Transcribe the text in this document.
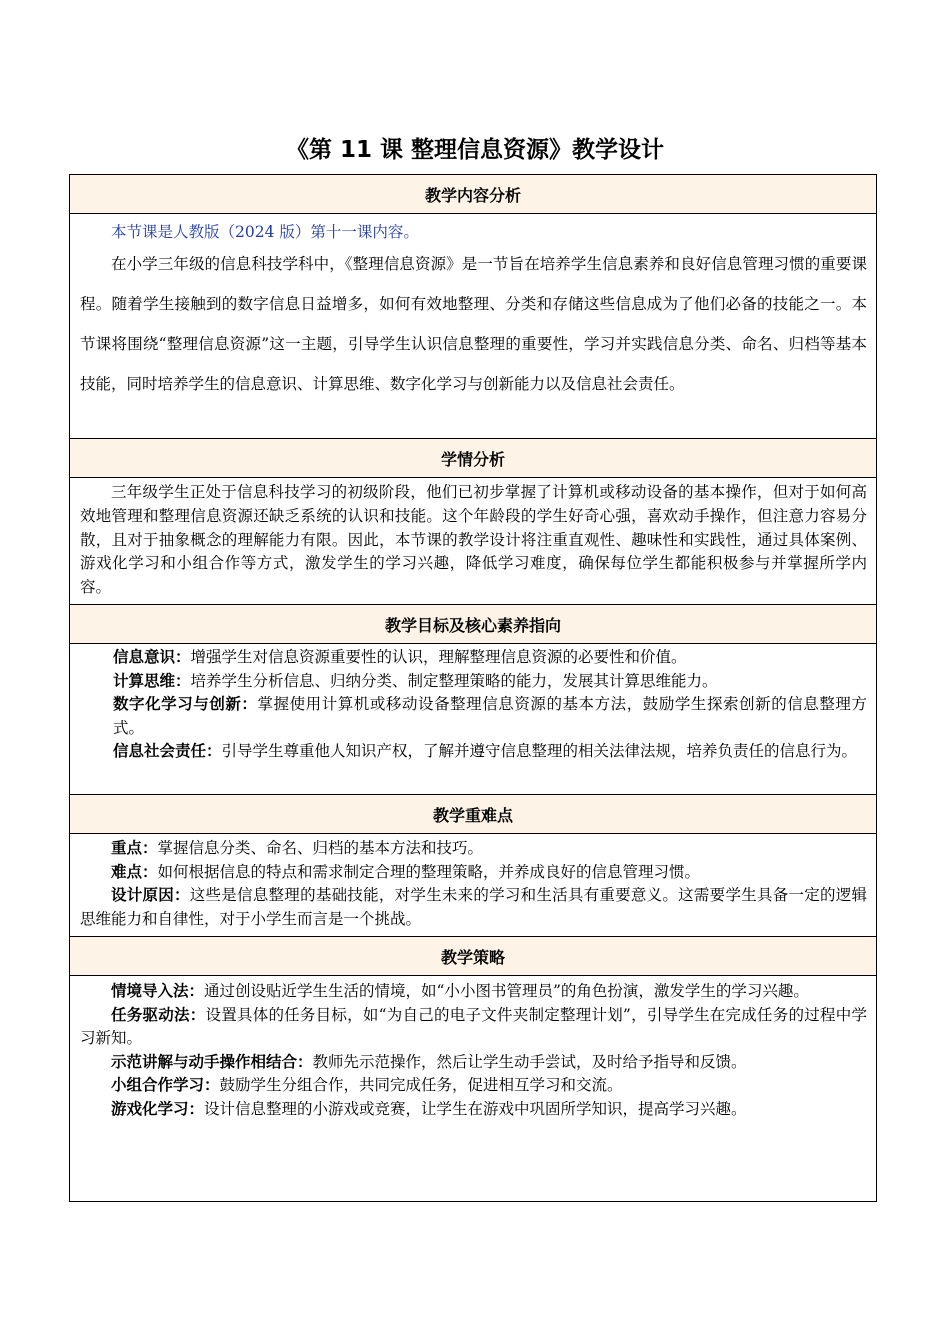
《第 11 课 整理信息资源》教学设计
教学内容分析

本节课是人教版（2024 版）第十一课内容。

在小学三年级的信息科技学科中，《整理信息资源》是一节旨在培养学生信息素养和良好信息管理习惯的重要课程。随着学生接触到的数字信息日益增多，如何有效地整理、分类和存储这些信息成为了他们必备的技能之一。本节课将围绕“整理信息资源”这一主题，引导学生认识信息整理的重要性，学习并实践信息分类、命名、归档等基本技能，同时培养学生的信息意识、计算思维、数字化学习与创新能力以及信息社会责任。

学情分析

三年级学生正处于信息科技学习的初级阶段，他们已初步掌握了计算机或移动设备的基本操作，但对于如何高效地管理和整理信息资源还缺乏系统的认识和技能。这个年龄段的学生好奇心强，喜欢动手操作，但注意力容易分散，且对于抽象概念的理解能力有限。因此，本节课的教学设计将注重直观性、趣味性和实践性，通过具体案例、游戏化学习和小组合作等方式，激发学生的学习兴趣，降低学习难度，确保每位学生都能积极参与并掌握所学内容。

教学目标及核心素养指向

信息意识：增强学生对信息资源重要性的认识，理解整理信息资源的必要性和价值。

计算思维：培养学生分析信息、归纳分类、制定整理策略的能力，发展其计算思维能力。

数字化学习与创新：掌握使用计算机或移动设备整理信息资源的基本方法，鼓励学生探索创新的信息整理方式。

信息社会责任：引导学生尊重他人知识产权，了解并遵守信息整理的相关法律法规，培养负责任的信息行为。

教学重难点

重点：掌握信息分类、命名、归档的基本方法和技巧。

难点：如何根据信息的特点和需求制定合理的整理策略，并养成良好的信息管理习惯。

设计原因：这些是信息整理的基础技能，对学生未来的学习和生活具有重要意义。这需要学生具备一定的逻辑思维能力和自律性，对于小学生而言是一个挑战。

教学策略

情境导入法：通过创设贴近学生生活的情境，如“小小图书管理员”的角色扮演，激发学生的学习兴趣。

任务驱动法：设置具体的任务目标，如“为自己的电子文件夹制定整理计划”，引导学生在完成任务的过程中学习新知。

示范讲解与动手操作相结合：教师先示范操作，然后让学生动手尝试，及时给予指导和反馈。

小组合作学习：鼓励学生分组合作，共同完成任务，促进相互学习和交流。

游戏化学习：设计信息整理的小游戏或竞赛，让学生在游戏中巩固所学知识，提高学习兴趣。
